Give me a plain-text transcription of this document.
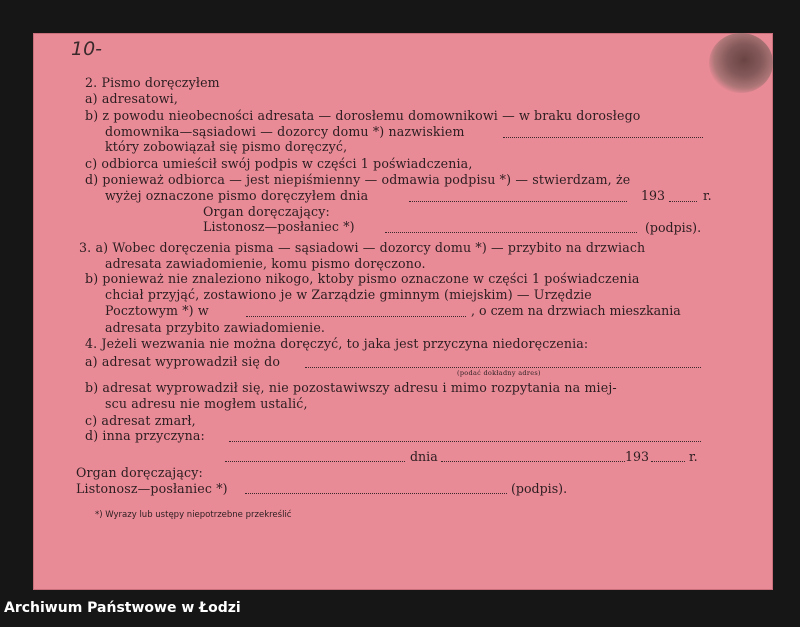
10-
2. Pismo doręczyłem
a) adresatowi,
b) z powodu nieobecności adresata — dorosłemu domownikowi — w braku dorosłego
domownika—sąsiadowi — dozorcy domu *) nazwiskiem
który zobowiązał się pismo doręczyć,
c) odbiorca umieścił swój podpis w części 1 poświadczenia,
d) ponieważ odbiorca — jest niepiśmienny — odmawia podpisu *) — stwierdzam, że
wyżej oznaczone pismo doręczyłem dnia	193	r.
Organ doręczający:
Listonosz—posłaniec *)	(podpis).
3. a) Wobec doręczenia pisma — sąsiadowi — dozorcy domu *) — przybito na drzwiach
adresata zawiadomienie, komu pismo doręczono.
b) ponieważ nie znaleziono nikogo, ktoby pismo oznaczone w części 1 poświadczenia
chciał przyjąć, zostawiono je w Zarządzie gminnym (miejskim) — Urzędzie
Pocztowym *) w	, o czem na drzwiach mieszkania
adresata przybito zawiadomienie.
4. Jeżeli wezwania nie można doręczyć, to jaka jest przyczyna niedoręczenia:
a) adresat wyprowadził się do
(podać dokładny adres)
b) adresat wyprowadził się, nie pozostawiwszy adresu i mimo rozpytania na miej-
scu adresu nie mogłem ustalić,
c) adresat zmarł,
d) inna przyczyna:
dnia	193	r.
Organ doręczający:
Listonosz—posłaniec *)	(podpis).
*) Wyrazy lub ustępy niepotrzebne przekreślić
Archiwum Państwowe w Łodzi
